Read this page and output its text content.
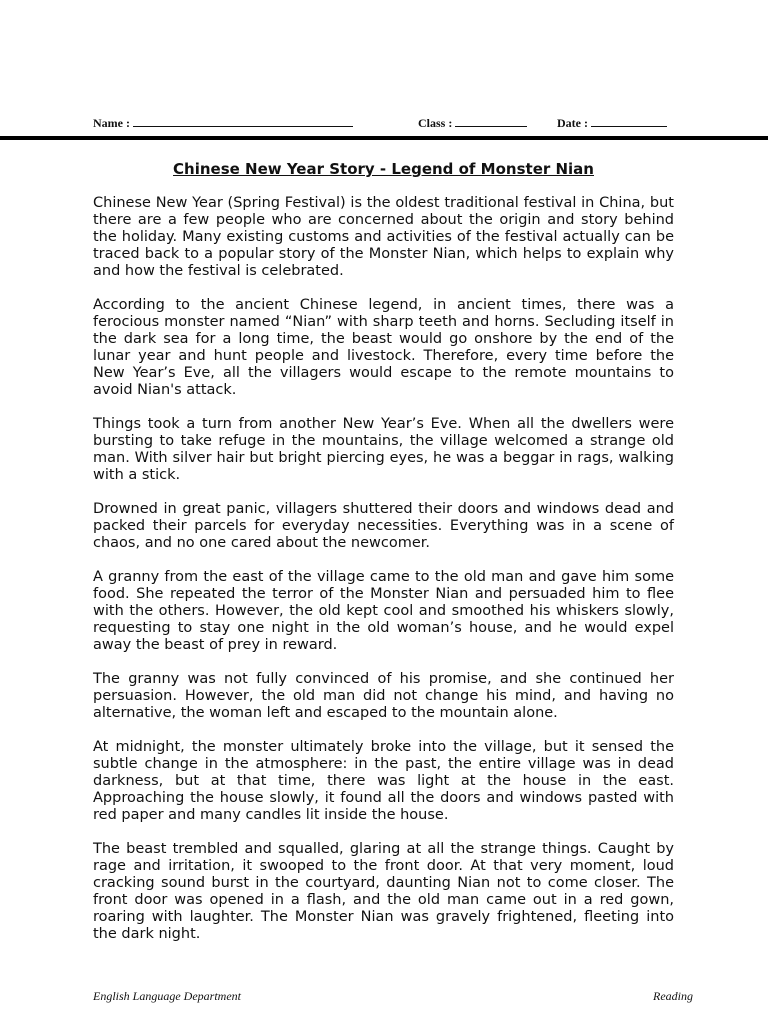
Name :	Class :	Date :
Chinese New Year Story - Legend of Monster Nian

Chinese New Year (Spring Festival) is the oldest traditional festival in China, but there are a few people who are concerned about the origin and story behind the holiday. Many existing customs and activities of the festival actually can be traced back to a popular story of the Monster Nian, which helps to explain why and how the festival is celebrated.

According to the ancient Chinese legend, in ancient times, there was a ferocious monster named “Nian” with sharp teeth and horns. Secluding itself in the dark sea for a long time, the beast would go onshore by the end of the lunar year and hunt people and livestock. Therefore, every time before the New Year’s Eve, all the villagers would escape to the remote mountains to avoid Nian's attack.

Things took a turn from another New Year’s Eve. When all the dwellers were bursting to take refuge in the mountains, the village welcomed a strange old man. With silver hair but bright piercing eyes, he was a beggar in rags, walking with a stick.

Drowned in great panic, villagers shuttered their doors and windows dead and packed their parcels for everyday necessities. Everything was in a scene of chaos, and no one cared about the newcomer.

A granny from the east of the village came to the old man and gave him some food. She repeated the terror of the Monster Nian and persuaded him to flee with the others. However, the old kept cool and smoothed his whiskers slowly, requesting to stay one night in the old woman’s house, and he would expel away the beast of prey in reward.

The granny was not fully convinced of his promise, and she continued her persuasion. However, the old man did not change his mind, and having no alternative, the woman left and escaped to the mountain alone.

At midnight, the monster ultimately broke into the village, but it sensed the subtle change in the atmosphere: in the past, the entire village was in dead darkness, but at that time, there was light at the house in the east. Approaching the house slowly, it found all the doors and windows pasted with red paper and many candles lit inside the house.

The beast trembled and squalled, glaring at all the strange things. Caught by rage and irritation, it swooped to the front door. At that very moment, loud cracking sound burst in the courtyard, daunting Nian not to come closer. The front door was opened in a flash, and the old man came out in a red gown, roaring with laughter. The Monster Nian was gravely frightened, fleeting into the dark night.

English Language Department	Reading
